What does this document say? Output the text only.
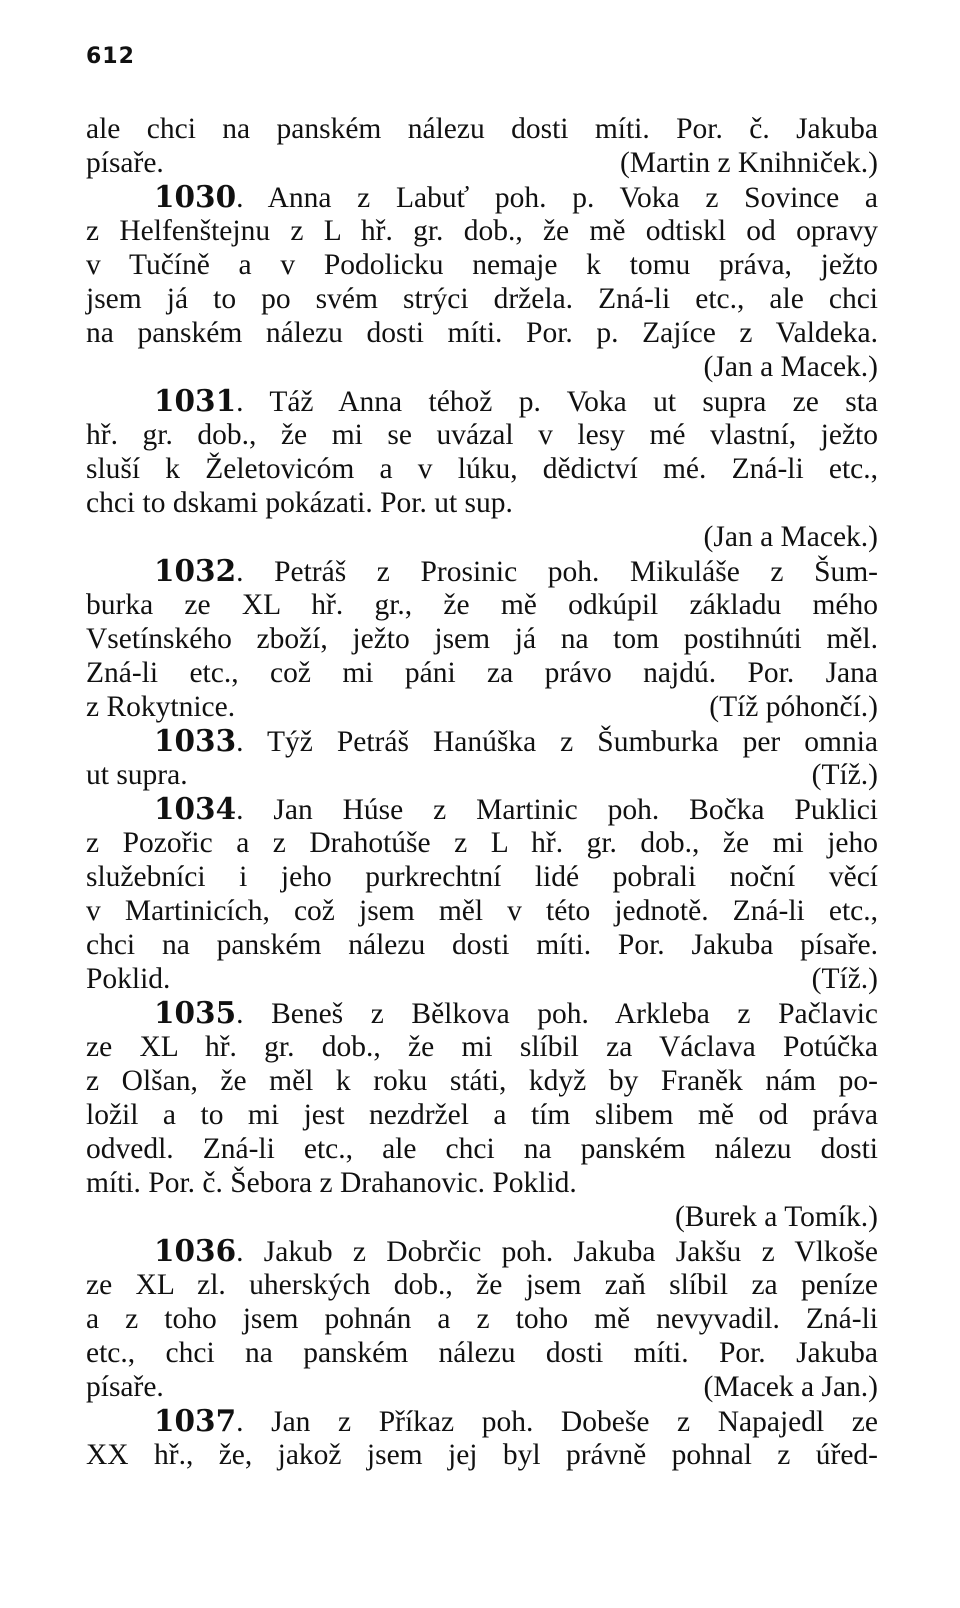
612
ale chci na panském nálezu dosti míti. Por. č. Jakuba
písaře.	(Martin z Knihniček.)
1030. Anna z Labuť poh. p. Voka z Sovince a
z Helfenštejnu z L hř. gr. dob., že mě odtiskl od opravy
v Tučíně a v Podolicku nemaje k tomu práva, ježto
jsem já to po svém strýci držela. Zná-li etc., ale chci
na panském nálezu dosti míti. Por. p. Zajíce z Valdeka.
(Jan a Macek.)
1031. Táž Anna téhož p. Voka ut supra ze sta
hř. gr. dob., že mi se uvázal v lesy mé vlastní, ježto
sluší k Želetovicóm a v lúku, dědictví mé. Zná-li etc.,
chci to dskami pokázati. Por. ut sup.
(Jan a Macek.)
1032. Petráš z Prosinic poh. Mikuláše z Šum-
burka ze XL hř. gr., že mě odkúpil základu mého
Vsetínského zboží, ježto jsem já na tom postihnúti měl.
Zná-li etc., což mi páni za právo najdú. Por. Jana
z Rokytnice.	(Tíž póhončí.)
1033. Týž Petráš Hanúška z Šumburka per omnia
ut supra.	(Tíž.)
1034. Jan Húse z Martinic poh. Bočka Puklici
z Pozořic a z Drahotúše z L hř. gr. dob., že mi jeho
služebníci i jeho purkrechtní lidé pobrali noční věcí
v Martinicích, což jsem měl v této jednotě. Zná-li etc.,
chci na panském nálezu dosti míti. Por. Jakuba písaře.
Poklid.	(Tíž.)
1035. Beneš z Bělkova poh. Arkleba z Pačlavic
ze XL hř. gr. dob., že mi slíbil za Václava Potúčka
z Olšan, že měl k roku státi, když by Franěk nám po-
ložil a to mi jest nezdržel a tím slibem mě od práva
odvedl. Zná-li etc., ale chci na panském nálezu dosti
míti. Por. č. Šebora z Drahanovic. Poklid.
(Burek a Tomík.)
1036. Jakub z Dobrčic poh. Jakuba Jakšu z Vlkoše
ze XL zl. uherských dob., že jsem zaň slíbil za peníze
a z toho jsem pohnán a z toho mě nevyvadil. Zná-li
etc., chci na panském nálezu dosti míti. Por. Jakuba
písaře.	(Macek a Jan.)
1037. Jan z Příkaz poh. Dobeše z Napajedl ze
XX hř., že, jakož jsem jej byl právně pohnal z úřed-
